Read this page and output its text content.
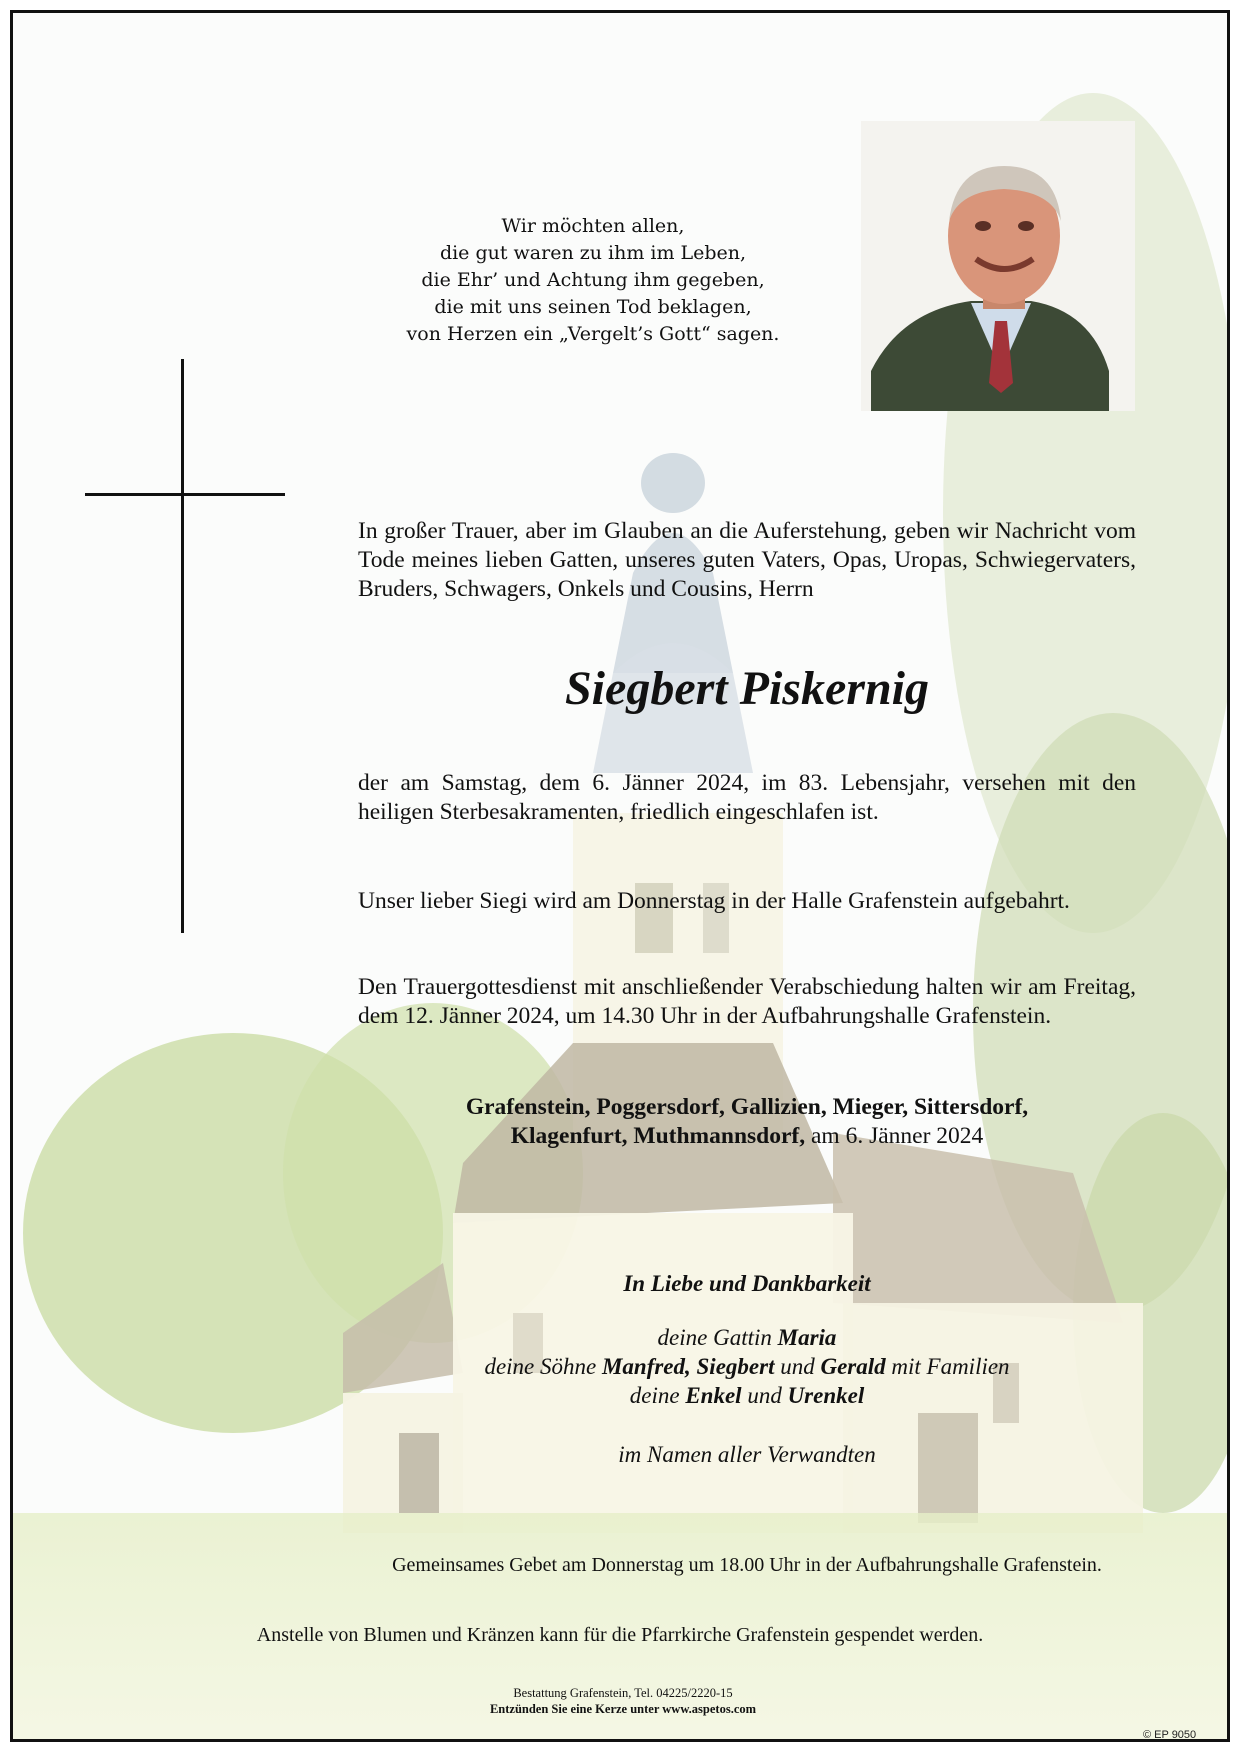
Wir möchten allen,
die gut waren zu ihm im Leben,
die Ehr’ und Achtung ihm gegeben,
die mit uns seinen Tod beklagen,
von Herzen ein „Vergelt’s Gott“ sagen.
In großer Trauer, aber im Glauben an die Auferstehung, geben wir Nachricht vom Tode meines lieben Gatten, unseres guten Vaters, Opas, Uropas, Schwiegervaters, Bruders, Schwagers, Onkels und Cousins, Herrn
Siegbert Piskernig
der am Samstag, dem 6. Jänner 2024, im 83. Lebensjahr, versehen mit den heiligen Sterbesakramenten, friedlich eingeschlafen ist.
Unser lieber Siegi wird am Donnerstag in der Halle Grafenstein aufgebahrt.
Den Trauergottesdienst mit anschließender Verabschiedung halten wir am Freitag, dem 12. Jänner 2024, um 14.30 Uhr in der Aufbahrungshalle Grafenstein.
Grafenstein, Poggersdorf, Gallizien, Mieger, Sittersdorf,
Klagenfurt, Muthmannsdorf, am 6. Jänner 2024
In Liebe und Dankbarkeit
deine Gattin Maria
deine Söhne Manfred, Siegbert und Gerald mit Familien
deine Enkel und Urenkel
im Namen aller Verwandten
Gemeinsames Gebet am Donnerstag um 18.00 Uhr in der Aufbahrungshalle Grafenstein.
Anstelle von Blumen und Kränzen kann für die Pfarrkirche Grafenstein gespendet werden.
Bestattung Grafenstein, Tel. 04225/2220-15
Entzünden Sie eine Kerze unter www.aspetos.com
© EP 9050
